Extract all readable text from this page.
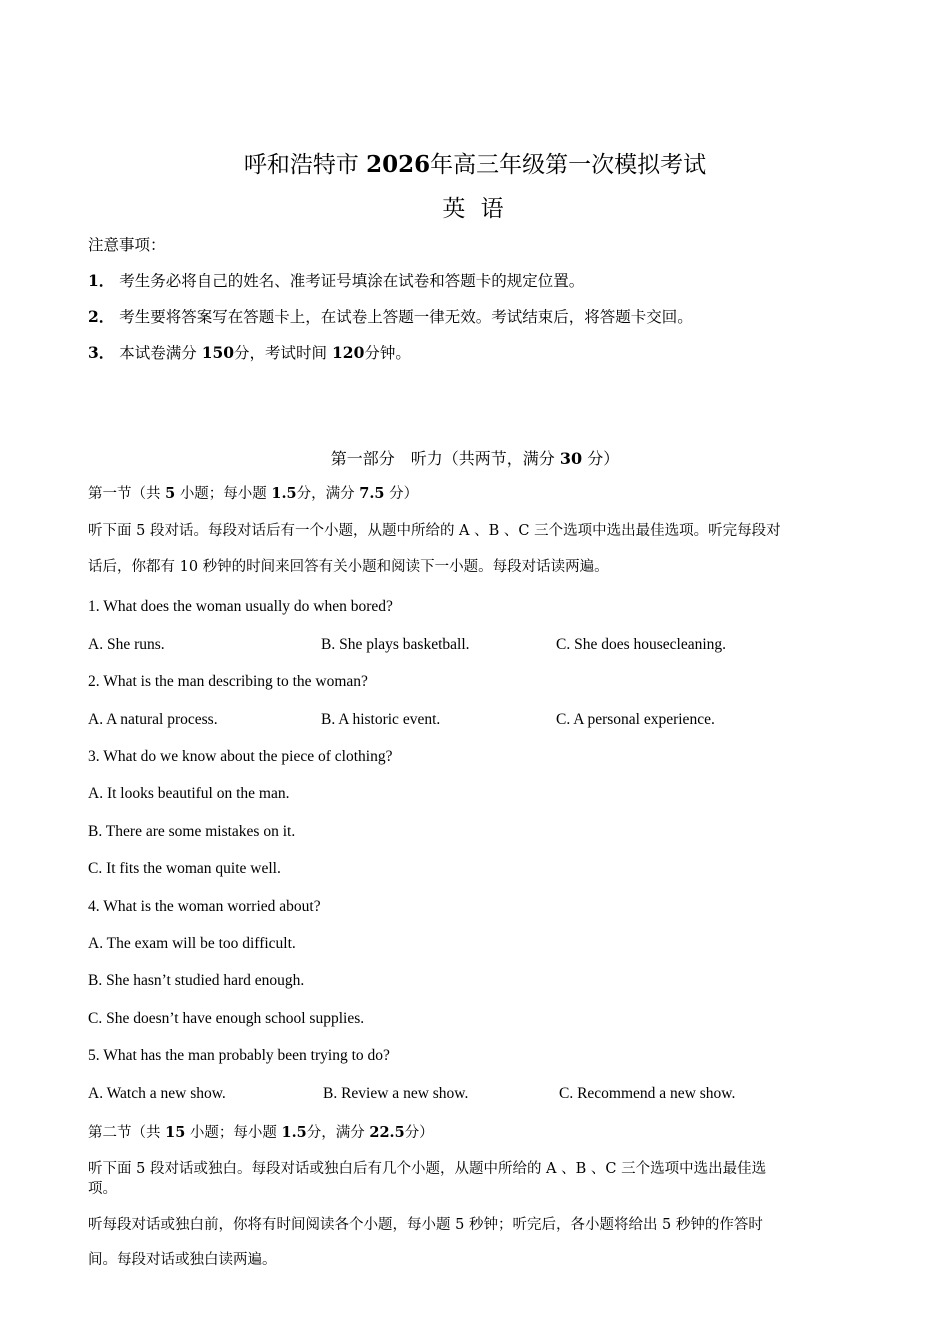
呼和浩特市 2026年高三年级第一次模拟考试
英 语
注意事项：
1． 考生务必将自己的姓名、准考证号填涂在试卷和答题卡的规定位置。
2． 考生要将答案写在答题卡上，在试卷上答题一律无效。考试结束后，将答题卡交回。
3． 本试卷满分 150分，考试时间 120分钟。
第一部分　听力（共两节，满分 30 分）
第一节（共 5 小题；每小题 1.5分，满分 7.5 分）
听下面 5 段对话。每段对话后有一个小题，从题中所给的 A 、B 、C 三个选项中选出最佳选项。听完每段对
话后，你都有 10 秒钟的时间来回答有关小题和阅读下一小题。每段对话读两遍。
1. What does the woman usually do when bored?
A. She runs.	B. She plays basketball.	C. She does housecleaning.
2. What is the man describing to the woman?
A. A natural process.	B. A historic event.	C. A personal experience.
3. What do we know about the piece of clothing?
A. It looks beautiful on the man.
B. There are some mistakes on it.
C. It fits the woman quite well.
4. What is the woman worried about?
A. The exam will be too difficult.
B. She hasn’t studied hard enough.
C. She doesn’t have enough school supplies.
5. What has the man probably been trying to do?
A. Watch a new show.	B. Review a new show.	C. Recommend a new show.
第二节（共 15 小题；每小题 1.5分，满分 22.5分）
听下面 5 段对话或独白。每段对话或独白后有几个小题，从题中所给的 A 、B 、C 三个选项中选出最佳选
项。
听每段对话或独白前，你将有时间阅读各个小题，每小题 5 秒钟；听完后，各小题将给出 5 秒钟的作答时
间。每段对话或独白读两遍。
